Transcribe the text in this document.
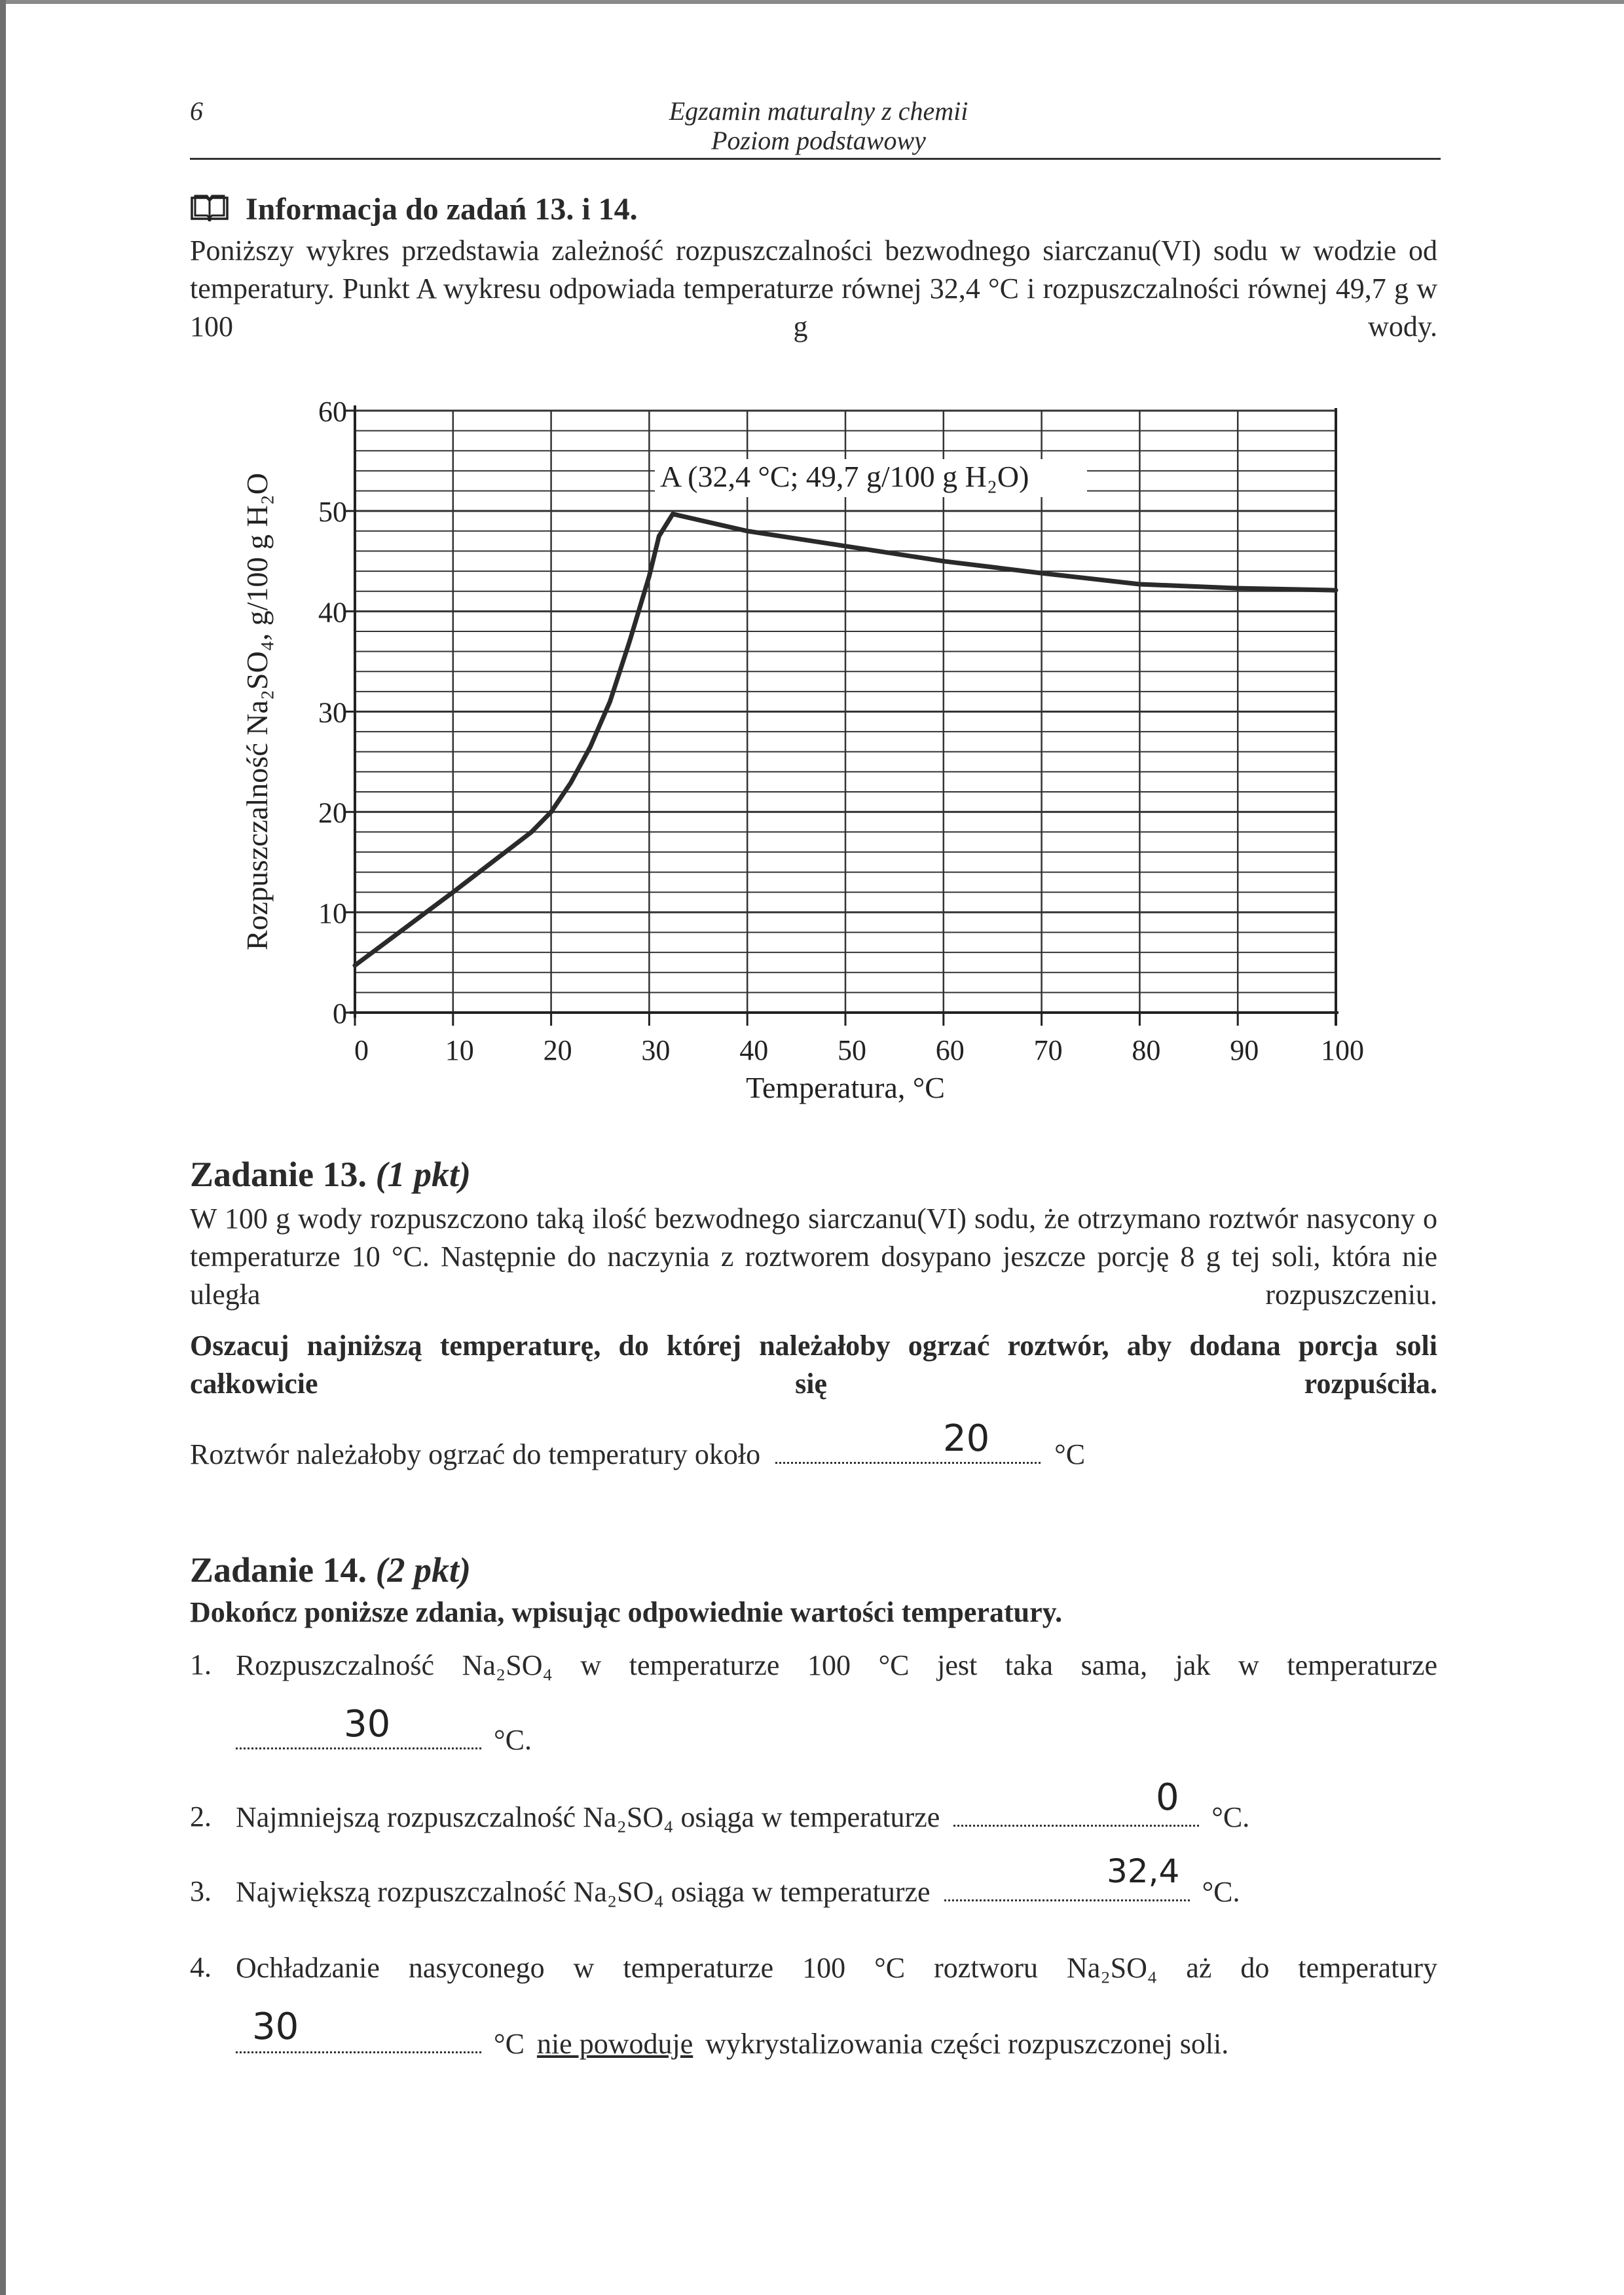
6	Egzamin maturalny z chemii
Poziom podstawowy
Informacja do zadań 13. i 14.
Poniższy wykres przedstawia zależność rozpuszczalności bezwodnego siarczanu(VI) sodu w wodzie od temperatury. Punkt A wykresu odpowiada temperaturze równej 32,4 °C i rozpuszczalności równej 49,7 g w 100 g wody.
0
10
20
30
40
50
60
0	10 20 30 40 50 60 70 80 90 100
A (32,4 °C; 49,7 g/100 g H₂O)
Temperatura, °C
Rozpuszczalność Na₂SO₄, g/100 g H₂O
Zadanie 13. (1 pkt)
W 100 g wody rozpuszczono taką ilość bezwodnego siarczanu(VI) sodu, że otrzymano roztwór nasycony o temperaturze 10 °C. Następnie do naczynia z roztworem dosypano jeszcze porcję 8 g tej soli, która nie uległa rozpuszczeniu.
Oszacuj najniższą temperaturę, do której należałoby ogrzać roztwór, aby dodana porcja soli całkowicie się rozpuściła.
Roztwór należałoby ogrzać do temperatury około	°C
20
Zadanie 14. (2 pkt)
Dokończ poniższe zdania, wpisując odpowiednie wartości temperatury.
1. Rozpuszczalność Na₂SO₄ w temperaturze 100 °C jest taka sama, jak w temperaturze
°C.
30
2. Najmniejszą rozpuszczalność Na₂SO₄ osiąga w temperaturze	°C.
0
3. Największą rozpuszczalność Na₂SO₄ osiąga w temperaturze	°C.
32,4
4. Ochładzanie nasyconego w temperaturze 100 °C roztworu Na₂SO₄ aż do temperatury
°C nie powoduje wykrystalizowania części rozpuszczonej soli.
30
